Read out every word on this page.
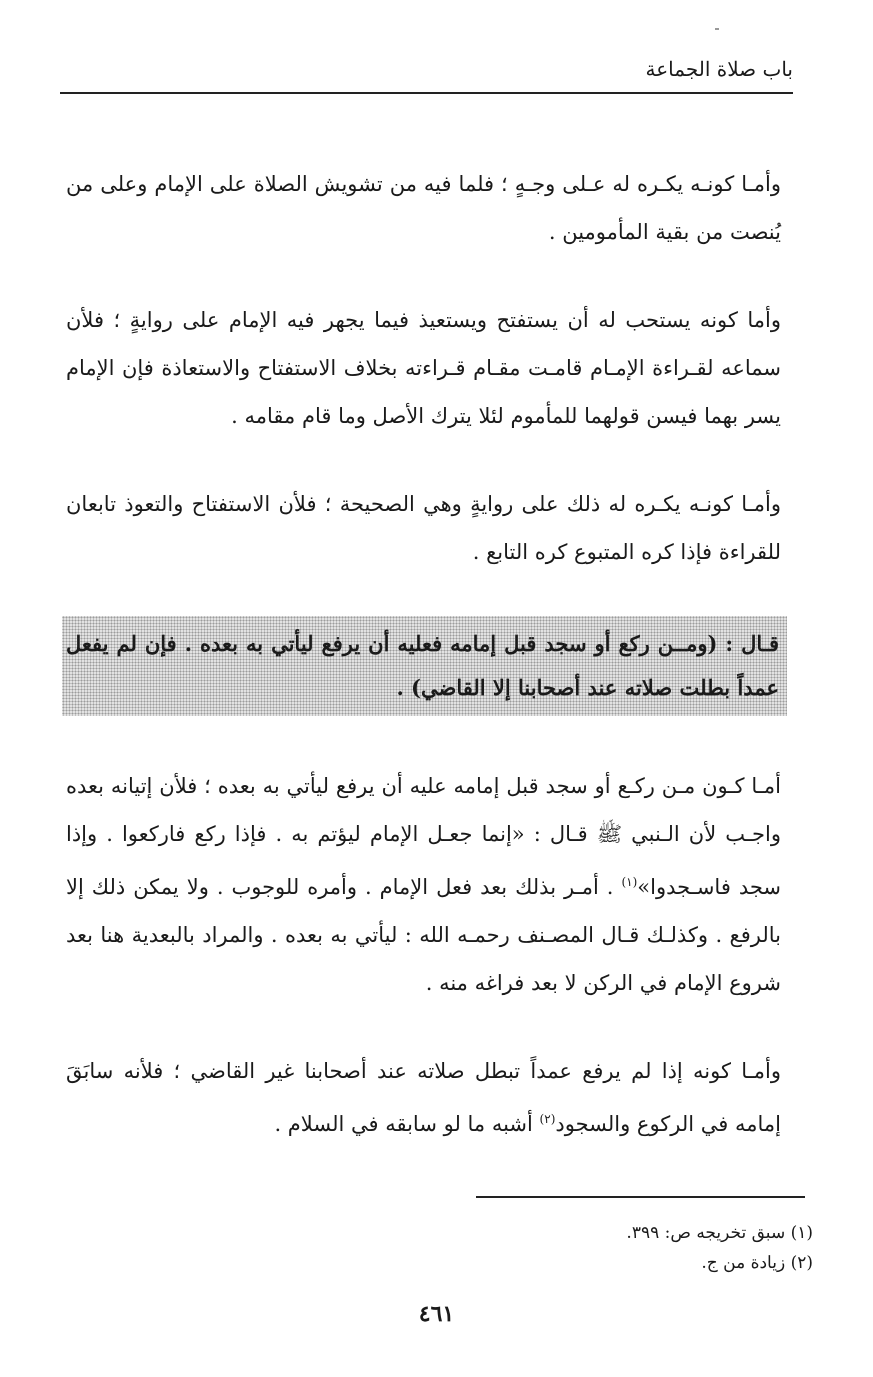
باب صلاة الجماعة

وأمـا كونـه يكـره له عـلى وجـهٍ ؛ فلما فيه من تشويش الصلاة على الإمام وعلى من يُنصت من بقية المأمومين .

وأما كونه يستحب له أن يستفتح ويستعيذ فيما يجهر فيه الإمام على روايةٍ ؛ فلأن سماعه لقـراءة الإمـام قامـت مقـام قـراءته بخلاف الاستفتاح والاستعاذة فإن الإمام يسر بهما فيسن قولهما للمأموم لئلا يترك الأصل وما قام مقامه .

وأمـا كونـه يكـره له ذلك على روايةٍ وهي الصحيحة ؛ فلأن الاستفتاح والتعوذ تابعان للقراءة فإذا كره المتبوع كره التابع .

قـال : (ومــن ركع أو سجد قبل إمامه فعليه أن يرفع ليأتي به بعده . فإن لم يفعل عمداً بطلت صلاته عند أصحابنا إلا القاضي) .

أمـا كـون مـن ركـع أو سجد قبل إمامه عليه أن يرفع ليأتي به بعده ؛ فلأن إتيانه بعده واجـب لأن الـنبي ﷺ قـال : «إنما جعـل الإمام ليؤتم به . فإذا ركع فاركعوا . وإذا سجد فاسـجدوا»$^{(١)}$ . أمـر بذلك بعد فعل الإمام . وأمره للوجوب . ولا يمكن ذلك إلا بالرفع . وكذلـك قـال المصـنف رحمـه الله : ليأتي به بعده . والمراد بالبعدية هنا بعد شروع الإمام في الركن لا بعد فراغه منه .

وأمـا كونه إذا لم يرفع عمداً تبطل صلاته عند أصحابنا غير القاضي ؛ فلأنه سابَقَ إمامه في الركوع والسجود$^{(٢)}$ أشبه ما لو سابقه في السلام .

(١) سبق تخريجه ص: ٣٩٩.
(٢) زيادة من ج.
٤٦١
